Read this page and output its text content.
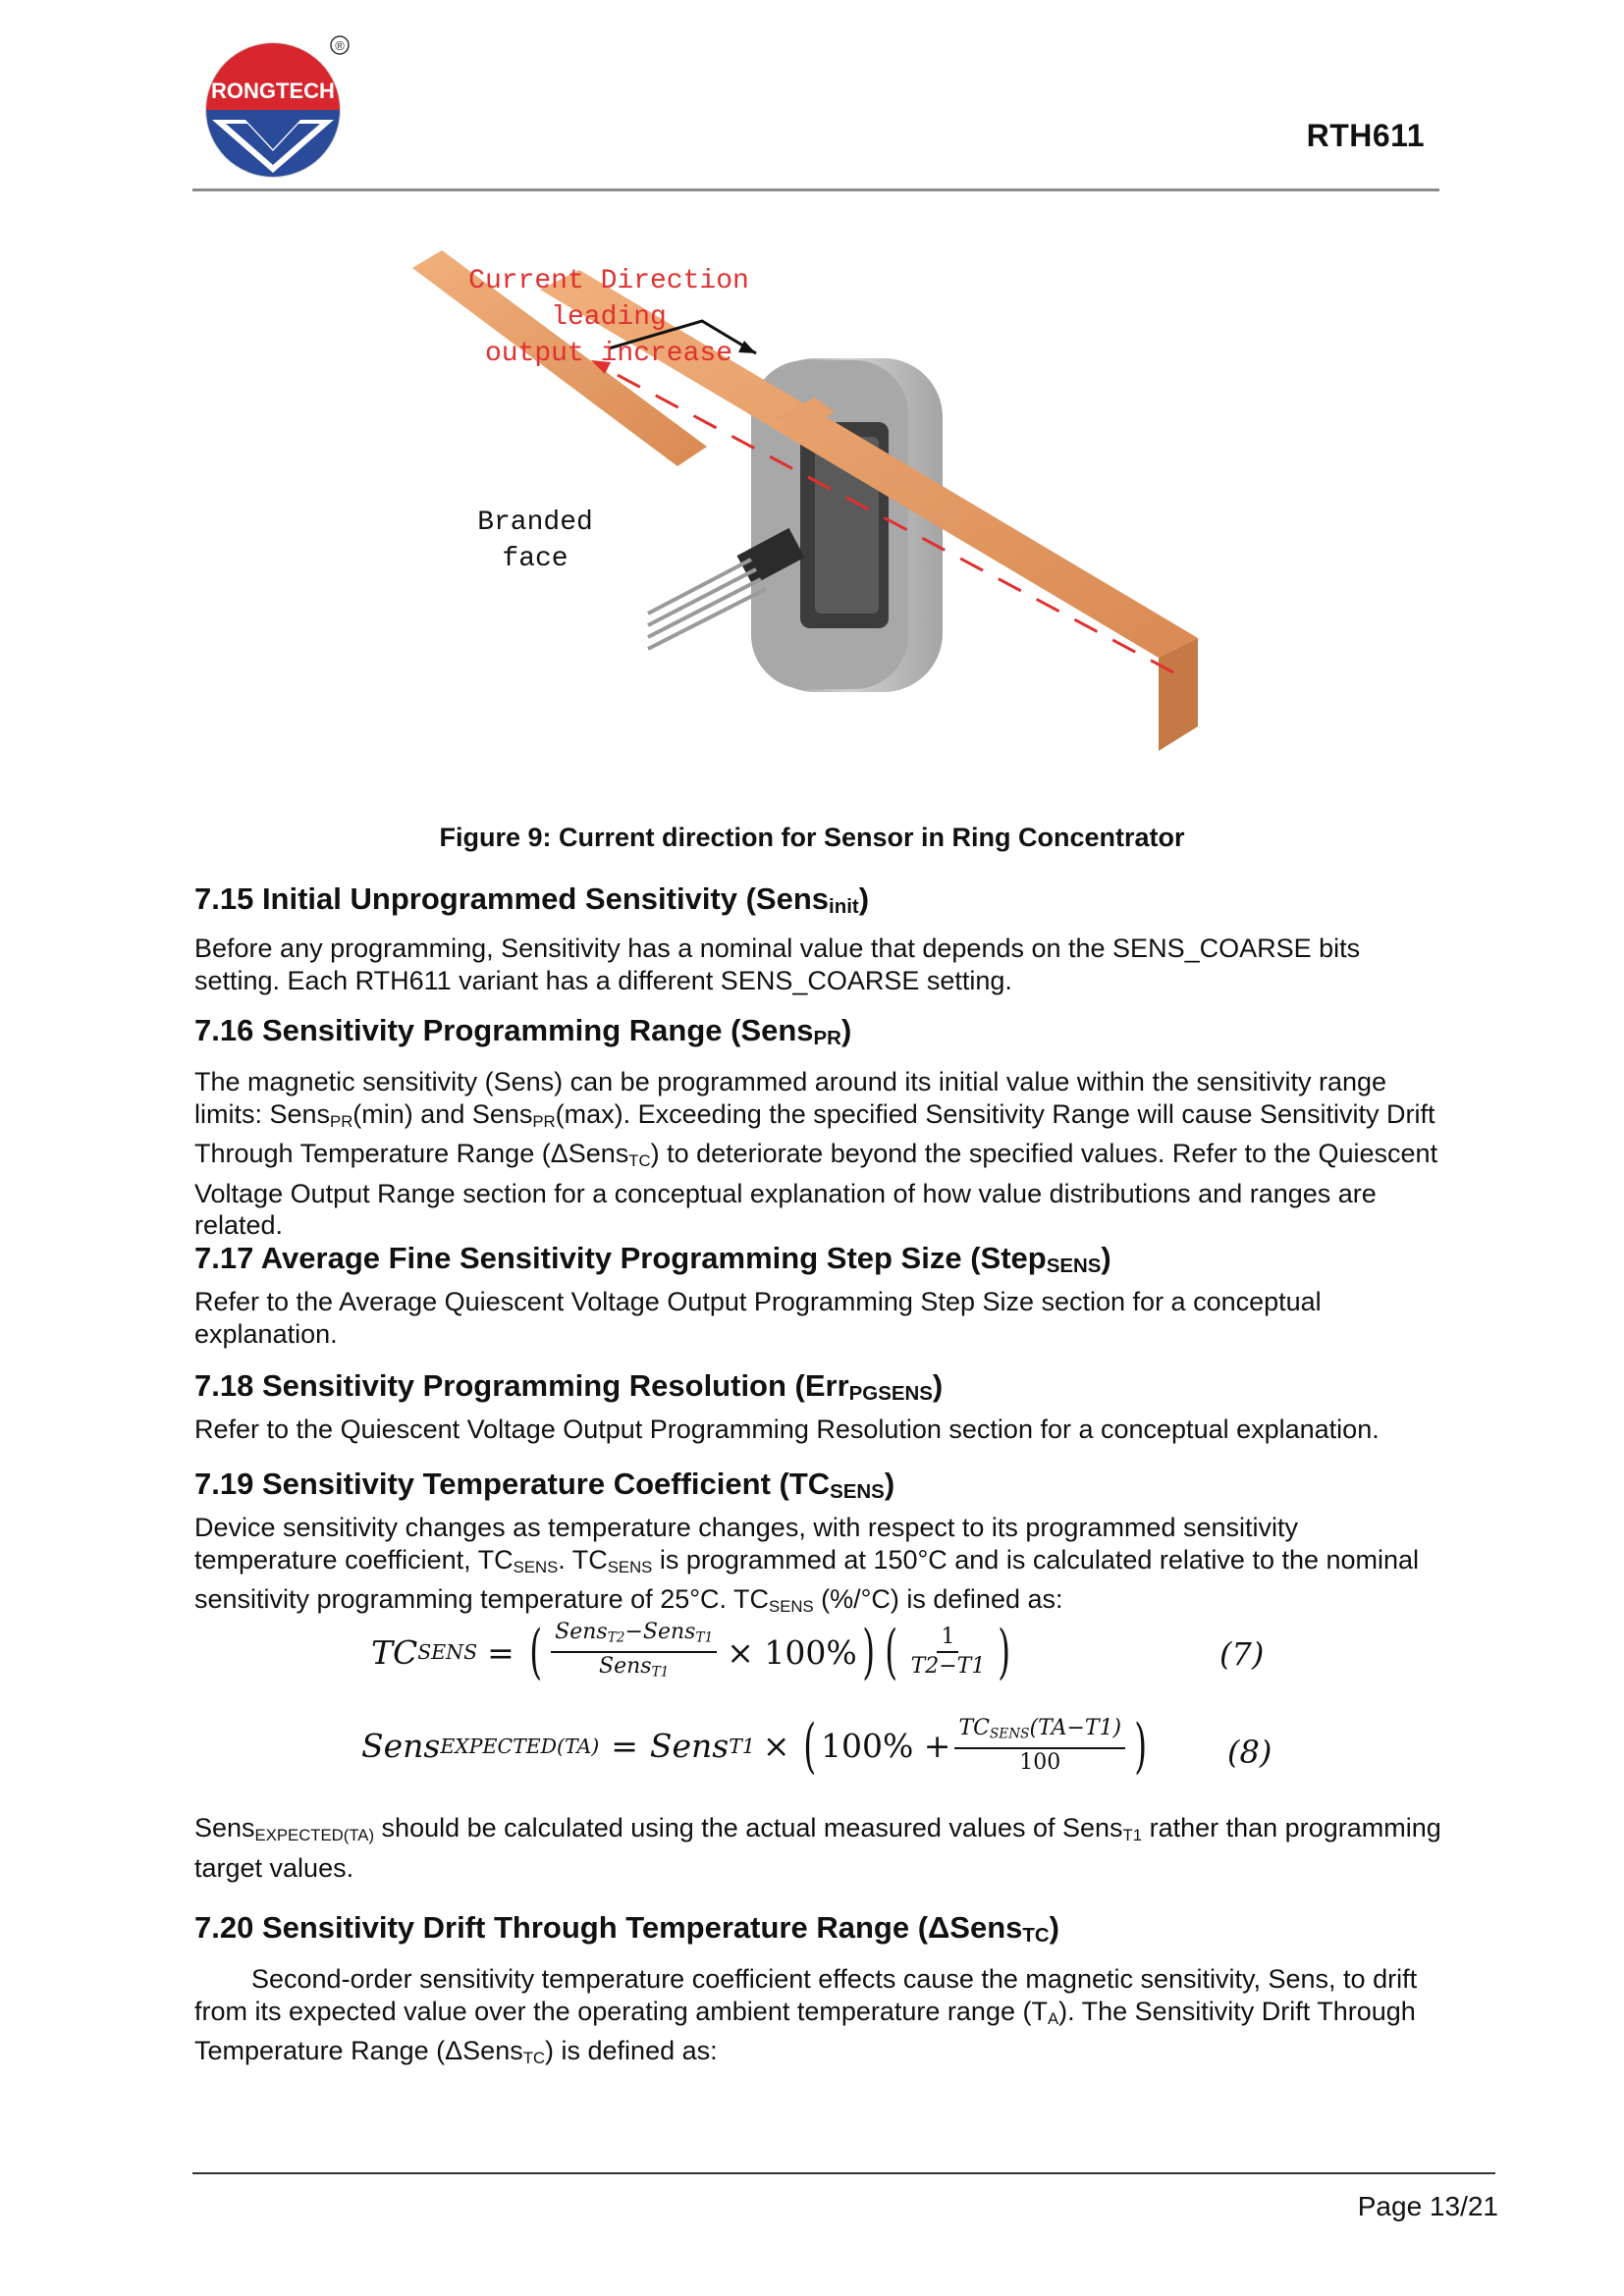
RONGTECH
®
RTH611
Current Direction leading
output increase
Branded
face
Figure 9: Current direction for Sensor in Ring Concentrator
7.15 Initial Unprogrammed Sensitivity (Sensinit)

Before any programming, Sensitivity has a nominal value that depends on the SENS_COARSE bits setting. Each RTH611 variant has a different SENS_COARSE setting.

7.16 Sensitivity Programming Range (SensPR)

The magnetic sensitivity (Sens) can be programmed around its initial value within the sensitivity range limits: Sens$_{PR}$(min) and Sens$_{PR}$(max). Exceeding the specified Sensitivity Range will cause Sensitivity Drift Through Temperature Range (ΔSens$_{TC}$) to deteriorate beyond the specified values. Refer to the Quiescent Voltage Output Range section for a conceptual explanation of how value distributions and ranges are related.

7.17 Average Fine Sensitivity Programming Step Size (StepSENS)

Refer to the Average Quiescent Voltage Output Programming Step Size section for a conceptual explanation.

7.18 Sensitivity Programming Resolution (ErrPGSENS)

Refer to the Quiescent Voltage Output Programming Resolution section for a conceptual explanation.

7.19 Sensitivity Temperature Coefficient (TCSENS)

Device sensitivity changes as temperature changes, with respect to its programmed sensitivity temperature coefficient, $TC_{SENS}$. $TC_{SENS}$ is programmed at 150°C and is calculated relative to the nominal sensitivity programming temperature of 25°C. $TC_{SENS}$ (%/°C) is defined as:

TC SENS = ( $\frac{Sens_{T2}-Sens_{T1}}{Sens_{T1}} \times 100\%$ ) ( $\frac{1}{T2-T1}$ )	(7)
Sens EXPECTED(TA) = Sens T1 × ( $100\% + \frac{TC_{SENS}(TA-T1)}{100}$ )	(8)

Sens$_{EXPECTED(TA)}$ should be calculated using the actual measured values of Sens$_{T1}$ rather than programming target values.

7.20 Sensitivity Drift Through Temperature Range (ΔSensTC)

Second-order sensitivity temperature coefficient effects cause the magnetic sensitivity, Sens, to drift from its expected value over the operating ambient temperature range $(T_A)$. The Sensitivity Drift Through Temperature Range (ΔSens$_{TC}$) is defined as:

Page 13/21
